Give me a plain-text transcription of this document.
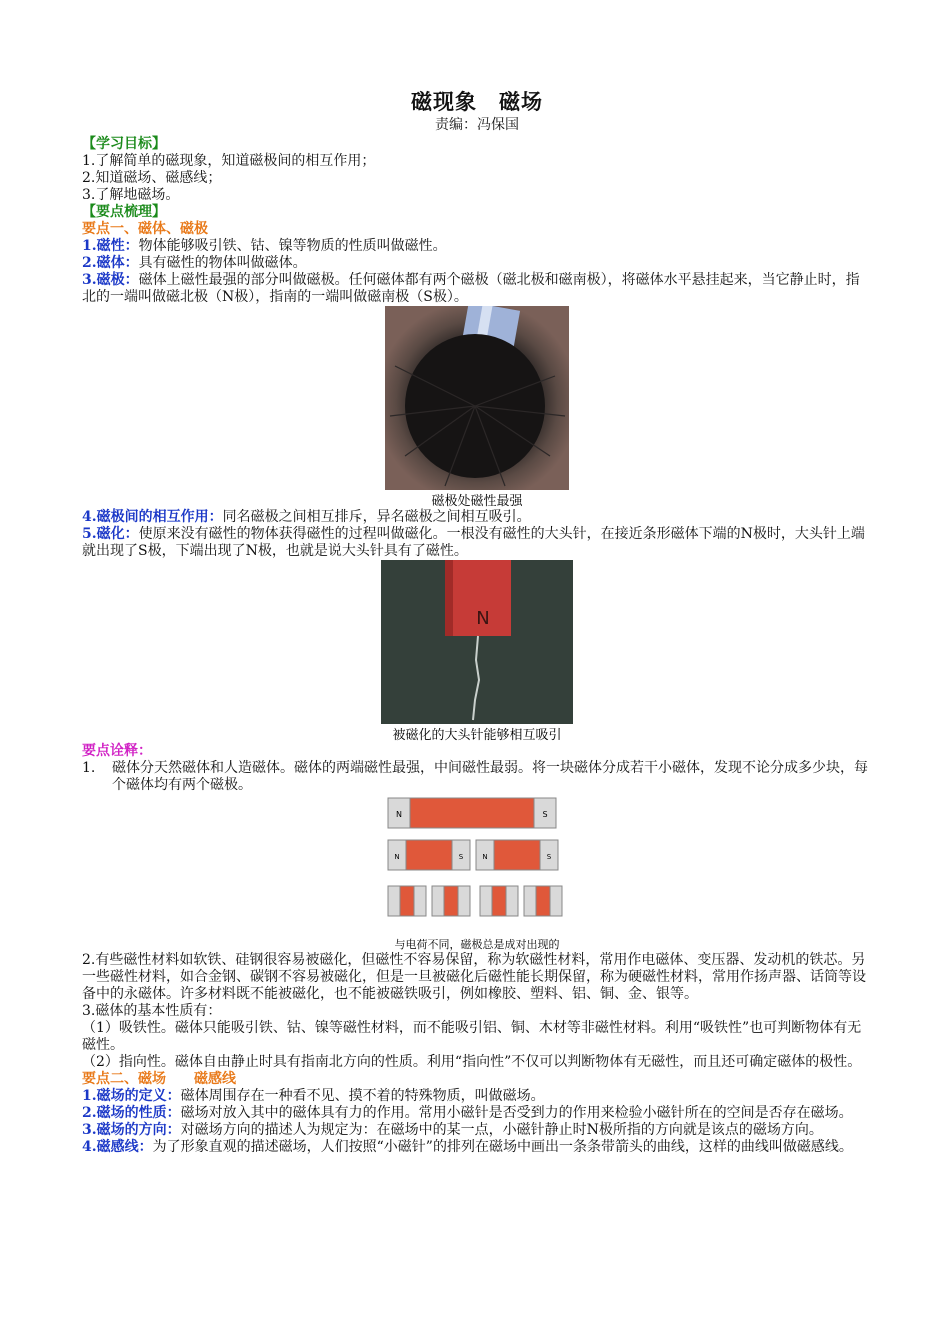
磁现象　磁场
责编：冯保国
【学习目标】
1.了解简单的磁现象，知道磁极间的相互作用；
2.知道磁场、磁感线；
3.了解地磁场。
【要点梳理】
要点一、磁体、磁极
1.磁性：物体能够吸引铁、钴、镍等物质的性质叫做磁性。
2.磁体：具有磁性的物体叫做磁体。
3.磁极：磁体上磁性最强的部分叫做磁极。任何磁体都有两个磁极（磁北极和磁南极），将磁体水平悬挂起来，当它静止时，指北的一端叫做磁北极（N极），指南的一端叫做磁南极（S极）。
磁极处磁性最强
4.磁极间的相互作用：同名磁极之间相互排斥，异名磁极之间相互吸引。
5.磁化：使原来没有磁性的物体获得磁性的过程叫做磁化。一根没有磁性的大头针，在接近条形磁体下端的N极时，大头针上端就出现了S极，下端出现了N极，也就是说大头针具有了磁性。
N
被磁化的大头针能够相互吸引
要点诠释：
1. 磁体分天然磁体和人造磁体。磁体的两端磁性最强，中间磁性最弱。将一块磁体分成若干小磁体，发现不论分成多少块，每个磁体均有两个磁极。
N	S
N	S	N	S
与电荷不同，磁极总是成对出现的
2.有些磁性材料如软铁、硅钢很容易被磁化，但磁性不容易保留，称为软磁性材料，常用作电磁体、变压器、发动机的铁芯。另一些磁性材料，如合金钢、碳钢不容易被磁化，但是一旦被磁化后磁性能长期保留，称为硬磁性材料，常用作扬声器、话筒等设备中的永磁体。许多材料既不能被磁化，也不能被磁铁吸引，例如橡胶、塑料、铝、铜、金、银等。
3.磁体的基本性质有：
（1）吸铁性。磁体只能吸引铁、钴、镍等磁性材料，而不能吸引铝、铜、木材等非磁性材料。利用“吸铁性”也可判断物体有无磁性。
（2）指向性。磁体自由静止时具有指南北方向的性质。利用“指向性”不仅可以判断物体有无磁性，而且还可确定磁体的极性。
要点二、磁场　　磁感线
1.磁场的定义：磁体周围存在一种看不见、摸不着的特殊物质，叫做磁场。
2.磁场的性质：磁场对放入其中的磁体具有力的作用。常用小磁针是否受到力的作用来检验小磁针所在的空间是否存在磁场。
3.磁场的方向：对磁场方向的描述人为规定为：在磁场中的某一点，小磁针静止时N极所指的方向就是该点的磁场方向。
4.磁感线：为了形象直观的描述磁场，人们按照“小磁针”的排列在磁场中画出一条条带箭头的曲线，这样的曲线叫做磁感线。
